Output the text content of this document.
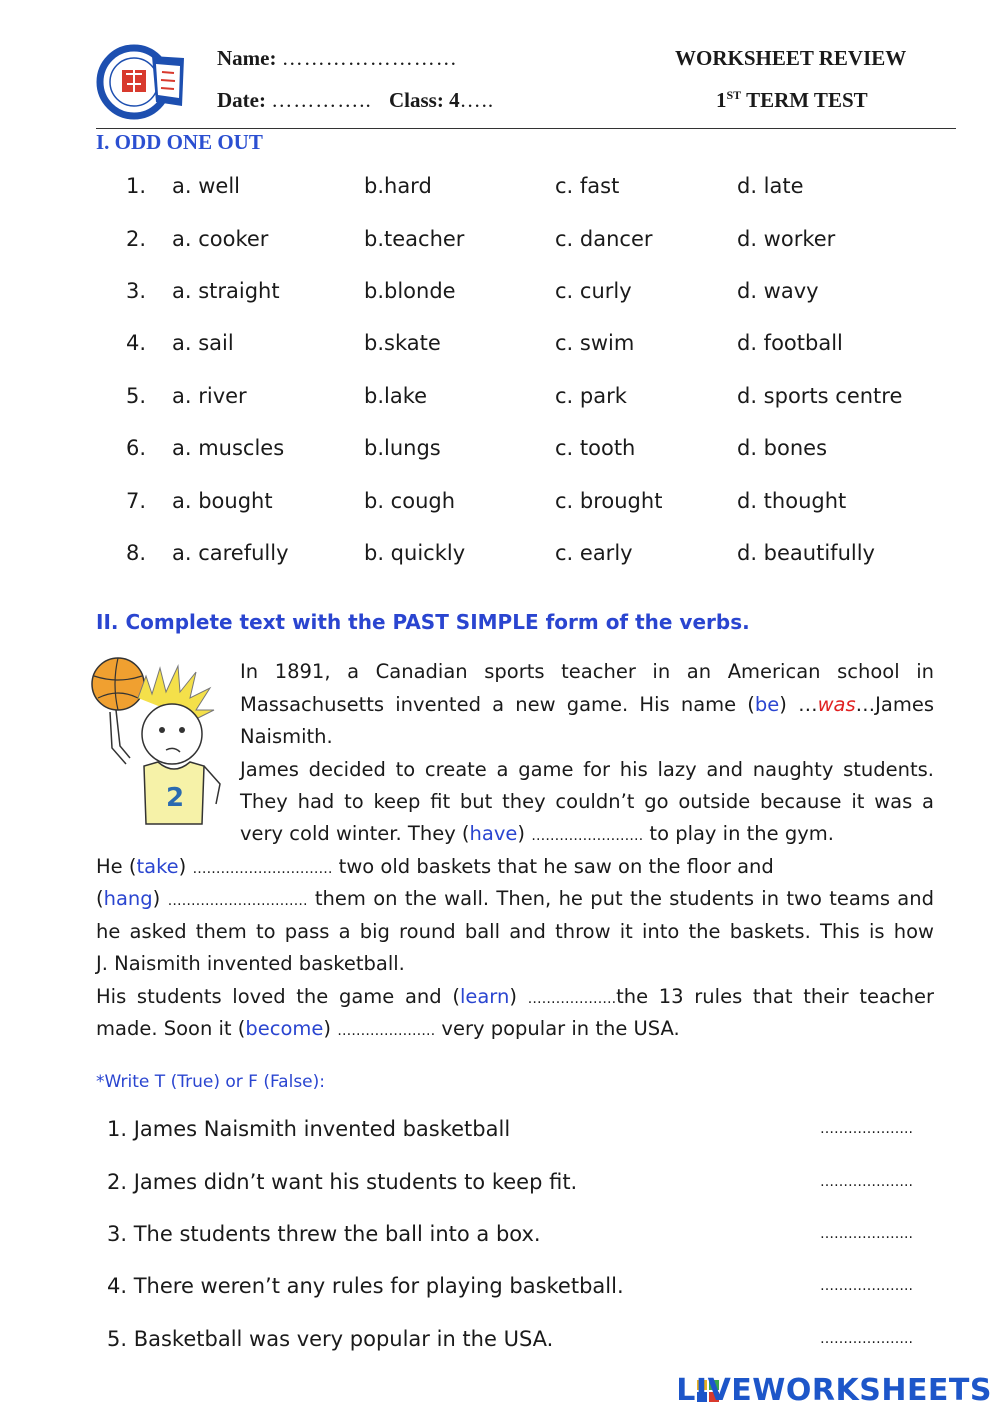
Name: ……………………
Date: ………….. Class: 4…..
WORKSHEET REVIEW
1ST TERM TEST
I. ODD ONE OUT
1. a. well	b.hard	c. fast	d. late
2. a. cooker	b.teacher	c. dancer	d. worker
3. a. straight	b.blonde	c. curly	d. wavy
4. a. sail	b.skate	c. swim	d. football
5. a. river	b.lake	c. park	d. sports centre
6. a. muscles	b.lungs	c. tooth	d. bones
7. a. bought	b. cough	c. brought	d. thought
8. a. carefully	b. quickly	c. early	d. beautifully
II. Complete text with the PAST SIMPLE form of the verbs.
2
In 1891, a Canadian sports teacher in an American school in
Massachusetts invented a new game. His name (be) …was…James
Naismith.
James decided to create a game for his lazy and naughty students.
They had to keep fit but they couldn’t go outside because it was a
very cold winter. They (have) …………………… to play in the gym.
He (take) ………………………… two old baskets that he saw on the floor and
(hang) ………………………… them on the wall. Then, he put the students in two teams and
he asked them to pass a big round ball and throw it into the baskets. This is how
J. Naismith invented basketball.
His students loved the game and (learn) ……………….the 13 rules that their teacher
made. Soon it (become) ………………… very popular in the USA.
*Write T (True) or F (False):
1. James Naismith invented basketball	………………..
2. James didn’t want his students to keep fit.	………………..
3. The students threw the ball into a box.	………………..
4. There weren’t any rules for playing basketball.	………………..
5. Basketball was very popular in the USA.	………………..
LIVEWORKSHEETS
